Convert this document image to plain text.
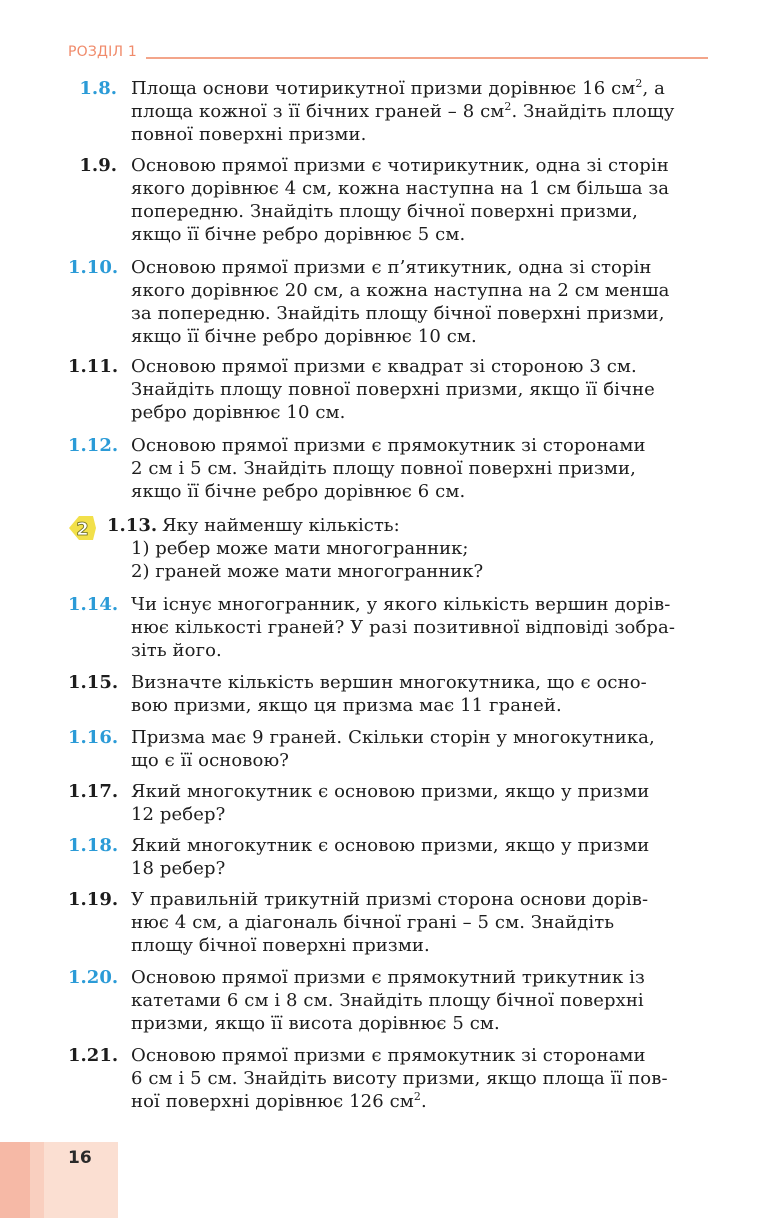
РОЗДІЛ 1
1.8. Площа основи чотирикутної призми дорівнює 16 $см^2$, а
площа кожної з її бічних граней – 8 $см^2$. Знайдіть площу
повної поверхні призми.
1.9. Основою прямої призми є чотирикутник, одна зі сторін
якого дорівнює 4 см, кожна наступна на 1 см більша за
попередню. Знайдіть площу бічної поверхні призми,
якщо її бічне ребро дорівнює 5 см.
1.10. Основою прямої призми є п’ятикутник, одна зі сторін
якого дорівнює 20 см, а кожна наступна на 2 см менша
за попередню. Знайдіть площу бічної поверхні призми,
якщо її бічне ребро дорівнює 10 см.
1.11. Основою прямої призми є квадрат зі стороною 3 см.
Знайдіть площу повної поверхні призми, якщо її бічне
ребро дорівнює 10 см.
1.12. Основою прямої призми є прямокутник зі сторонами
2 см і 5 см. Знайдіть площу повної поверхні призми,
якщо її бічне ребро дорівнює 6 см.
2 1.13. Яку найменшу кількість:
1) ребер може мати многогранник;
2) граней може мати многогранник?
1.14. Чи існує многогранник, у якого кількість вершин дорів-
нює кількості граней? У разі позитивної відповіді зобра-
зіть його.
1.15. Визначте кількість вершин многокутника, що є осно-
вою призми, якщо ця призма має 11 граней.
1.16. Призма має 9 граней. Скільки сторін у многокутника,
що є її основою?
1.17. Який многокутник є основою призми, якщо у призми
12 ребер?
1.18. Який многокутник є основою призми, якщо у призми
18 ребер?
1.19. У правильній трикутній призмі сторона основи дорів-
нює 4 см, а діагональ бічної грані – 5 см. Знайдіть
площу бічної поверхні призми.
1.20. Основою прямої призми є прямокутний трикутник із
катетами 6 см і 8 см. Знайдіть площу бічної поверхні
призми, якщо її висота дорівнює 5 см.
1.21. Основою прямої призми є прямокутник зі сторонами
6 см і 5 см. Знайдіть висоту призми, якщо площа її пов-
ної поверхні дорівнює 126 $см^2$.
16
